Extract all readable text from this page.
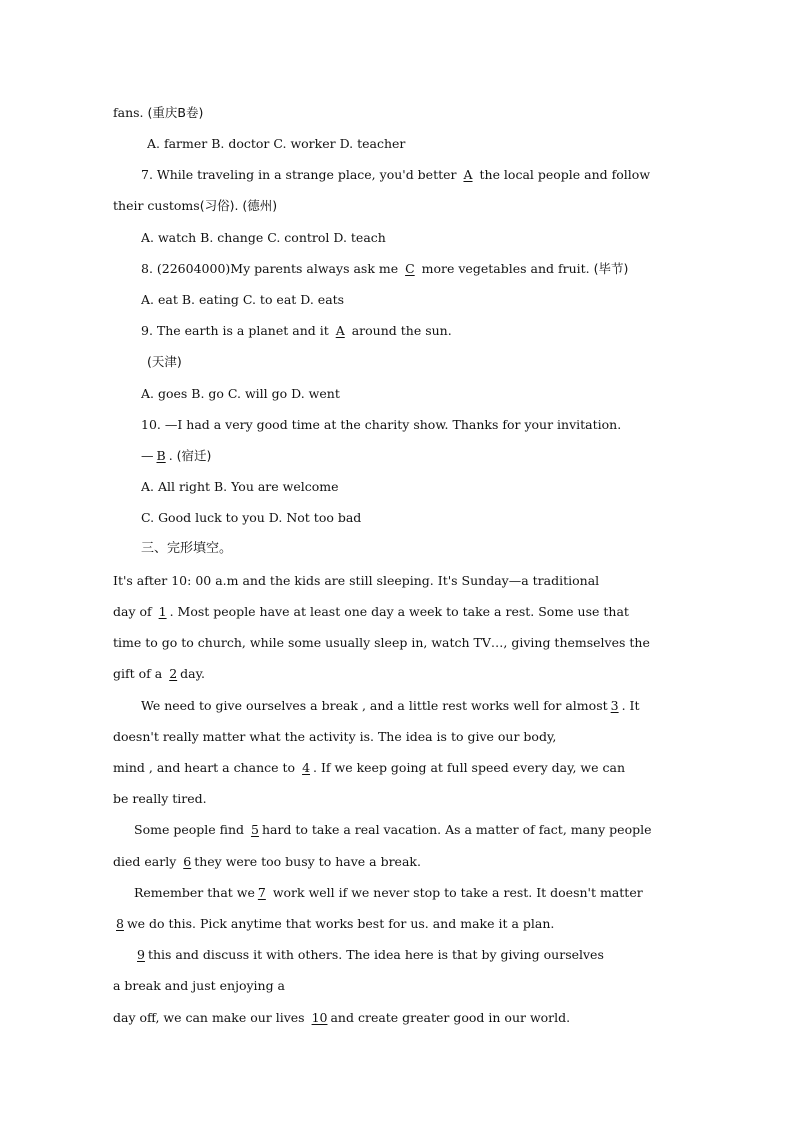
fans. (重庆B卷)
A. farmer B. doctor C. worker D. teacher
7. While traveling in a strange place, you'd better A the local people and follow
their customs(习俗). (德州)
A. watch B. change C. control D. teach
8. (22604000)My parents always ask me C more vegetables and fruit. (毕节)
A. eat B. eating C. to eat D. eats
9. The earth is a planet and it A around the sun.
(天津)
A. goes B. go C. will go D. went
10. —I had a very good time at the charity show. Thanks for your invitation.
— B . (宿迁)
A. All right B. You are welcome
C. Good luck to you D. Not too bad
三、完形填空。
It's after 10: 00 a.m and the kids are still sleeping. It's Sunday—a traditional
day of 1 . Most people have at least one day a week to take a rest. Some use that
time to go to church, while some usually sleep in, watch TV…, giving themselves the
gift of a 2 day.
We need to give ourselves a break , and a little rest works well for almost 3 . It
doesn't really matter what the activity is. The idea is to give our body,
mind , and heart a chance to 4 . If we keep going at full speed every day, we can
be really tired.
Some people find 5 hard to take a real vacation. As a matter of fact, many people
died early 6 they were too busy to have a break.
Remember that we 7 work well if we never stop to take a rest. It doesn't matter
8 we do this. Pick anytime that works best for us. and make it a plan.
9 this and discuss it with others. The idea here is that by giving ourselves
a break and just enjoying a
day off, we can make our lives 10 and create greater good in our world.
